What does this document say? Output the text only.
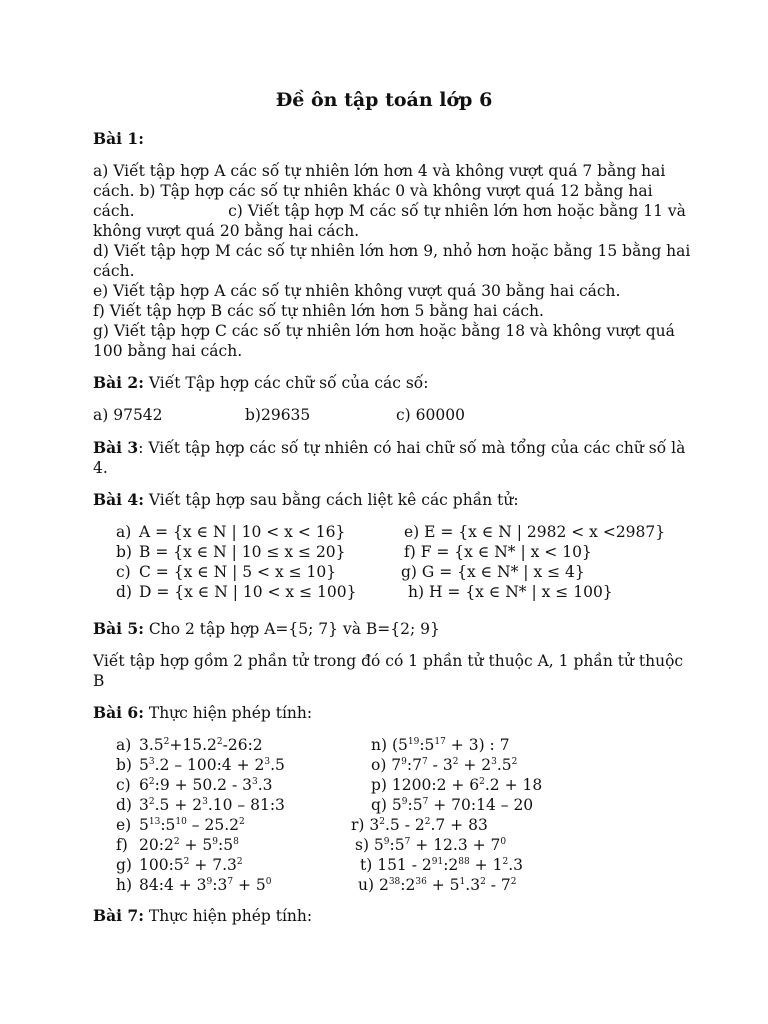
Đề ôn tập toán lớp 6
Bài 1:
a) Viết tập hợp A các số tự nhiên lớn hơn 4 và không vượt quá 7 bằng hai
cách. b) Tập hợp các số tự nhiên khác 0 và không vượt quá 12 bằng hai
cách.                   c) Viết tập hợp M các số tự nhiên lớn hơn hoặc bằng 11 và
không vượt quá 20 bằng hai cách.
d) Viết tập hợp M các số tự nhiên lớn hơn 9, nhỏ hơn hoặc bằng 15 bằng hai
cách.
e) Viết tập hợp A các số tự nhiên không vượt quá 30 bằng hai cách.
f) Viết tập hợp B các số tự nhiên lớn hơn 5 bằng hai cách.
g) Viết tập hợp C các số tự nhiên lớn hơn hoặc bằng 18 và không vượt quá
100 bằng hai cách.
Bài 2: Viết Tập hợp các chữ số của các số:
a) 97542	b)29635	c) 60000
Bài 3: Viết tập hợp các số tự nhiên có hai chữ số mà tổng của các chữ số là
4.
Bài 4: Viết tập hợp sau bằng cách liệt kê các phần tử:
a) A = {x ∈ N | 10 < x < 16}
b) B = {x ∈ N | 10 ≤ x ≤ 20}
c) C = {x ∈ N | 5 < x ≤ 10}
d) D = {x ∈ N | 10 < x ≤ 100}
e) E = {x ∈ N | 2982 < x <2987}
f) F = {x ∈ N* | x < 10}
g) G = {x ∈ N* | x ≤ 4}
h) H = {x ∈ N* | x ≤ 100}
Bài 5: Cho 2 tập hợp A={5; 7} và B={2; 9}
Viết tập hợp gồm 2 phần tử trong đó có 1 phần tử thuộc A, 1 phần tử thuộc
B
Bài 6: Thực hiện phép tính:
a) $3.5^2+15.2^2-26:2$
b) $5^3.2$ – 100:4 + $2^3.5$
c) $6^2:9 + 50.2 - 3^3.3$
d) $3^2.5 + 2^3.10$ – 81:3
e) $5^{13}:5^{10} - 25.2^2$
f) $20:2^2$ + $5^9:5^8$
g) $100:5^2 + 7.3^2$
h) 84:4 + $3^9:3^7 + 5^0$
n) $(5^{19}:5^{17} + 3)$ : 7
o) $7^9:7^7 - 3^2 + 2^3.5^2$
p) 1200:2 + $6^2.2 + 18$
q) $5^9:5^7$ + 70:14 – 20
r) $3^2.5 - 2^2.7 + 83$
s) $5^9:5^7 + 12.3 + 7^0$
t) $151 - 2^{91}:2^{88} + 1^2.3$
u) $2^{38}:2^{36} + 5^1.3^2 - 7^2$
Bài 7: Thực hiện phép tính:
